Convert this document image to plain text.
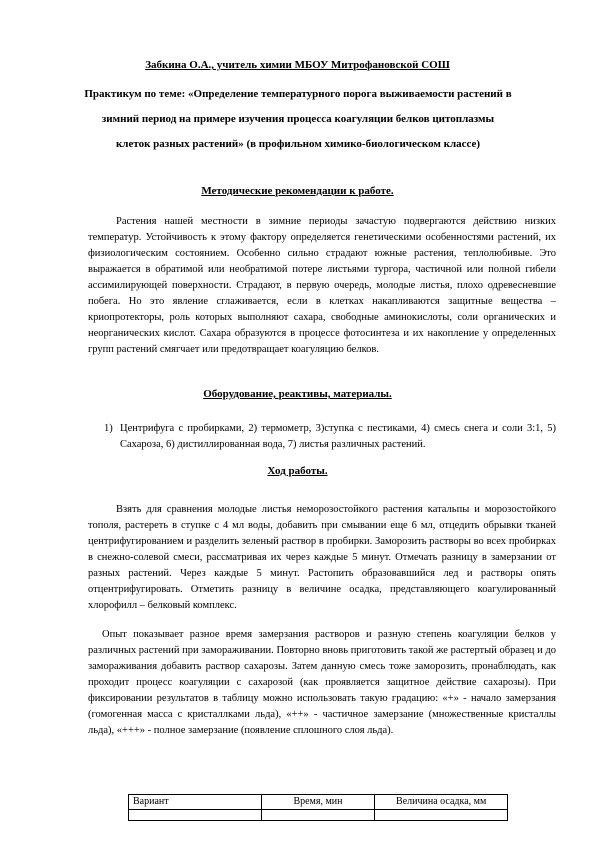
Забкина О.А., учитель химии МБОУ Митрофановской СОШ
Практикум по теме: «Определение температурного порога выживаемости растений в зимний период на примере изучения процесса коагуляции белков цитоплазмы клеток разных растений» (в профильном химико-биологическом классе)
Методические рекомендации к работе.
Растения нашей местности в зимние периоды зачастую подвергаются действию низких температур. Устойчивость к этому фактору определяется генетическими особенностями растений, их физиологическим состоянием. Особенно сильно страдают южные растения, теплолюбивые. Это выражается в обратимой или необратимой потере листьями тургора, частичной или полной гибели ассимилирующей поверхности. Страдают, в первую очередь, молодые листья, плохо одревесневшие побега. Но это явление сглаживается, если в клетках накапливаются защитные вещества – криопротекторы, роль которых выполняют сахара, свободные аминокислоты, соли органических и неорганических кислот. Сахара образуются в процессе фотосинтеза и их накопление у определенных групп растений смягчает или предотвращает коагуляцию белков.
Оборудование, реактивы, материалы.
1) Центрифуга с пробирками, 2) термометр, 3)ступка с пестиками, 4) смесь снега и соли 3:1, 5) Сахароза, 6) дистиллированная вода, 7) листья различных растений.
Ход работы.
Взять для сравнения молодые листья неморозостойкого растения катальпы и морозостойкого тополя, растереть в ступке с 4 мл воды, добавить при смывании еще 6 мл, отцедить обрывки тканей центрифугированием и разделить зеленый раствор в пробирки. Заморозить растворы во всех пробирках в снежно-солевой смеси, рассматривая их через каждые 5 минут. Отмечать разницу в замерзании от разных растений. Через каждые 5 минут. Растопить образовавшийся лед и растворы опять отцентрифугировать. Отметить разницу в величине осадка, представляющего коагулированный хлорофилл – белковый комплекс.
Опыт показывает разное время замерзания растворов и разную степень коагуляции белков у различных растений при замораживании. Повторно вновь приготовить такой же растертый образец и до замораживания добавить раствор сахарозы. Затем данную смесь тоже заморозить, пронаблюдать, как проходит процесс коагуляции с сахарозой (как проявляется защитное действие сахарозы). При фиксировании результатов в таблицу можно использовать такую градацию: «+» - начало замерзания (гомогенная масса с кристаллками льда), «++» - частичное замерзание (множественные кристаллы льда), «+++» - полное замерзание (появление сплошного слоя льда).
Вариант	Время, мин	Величина осадка, мм
